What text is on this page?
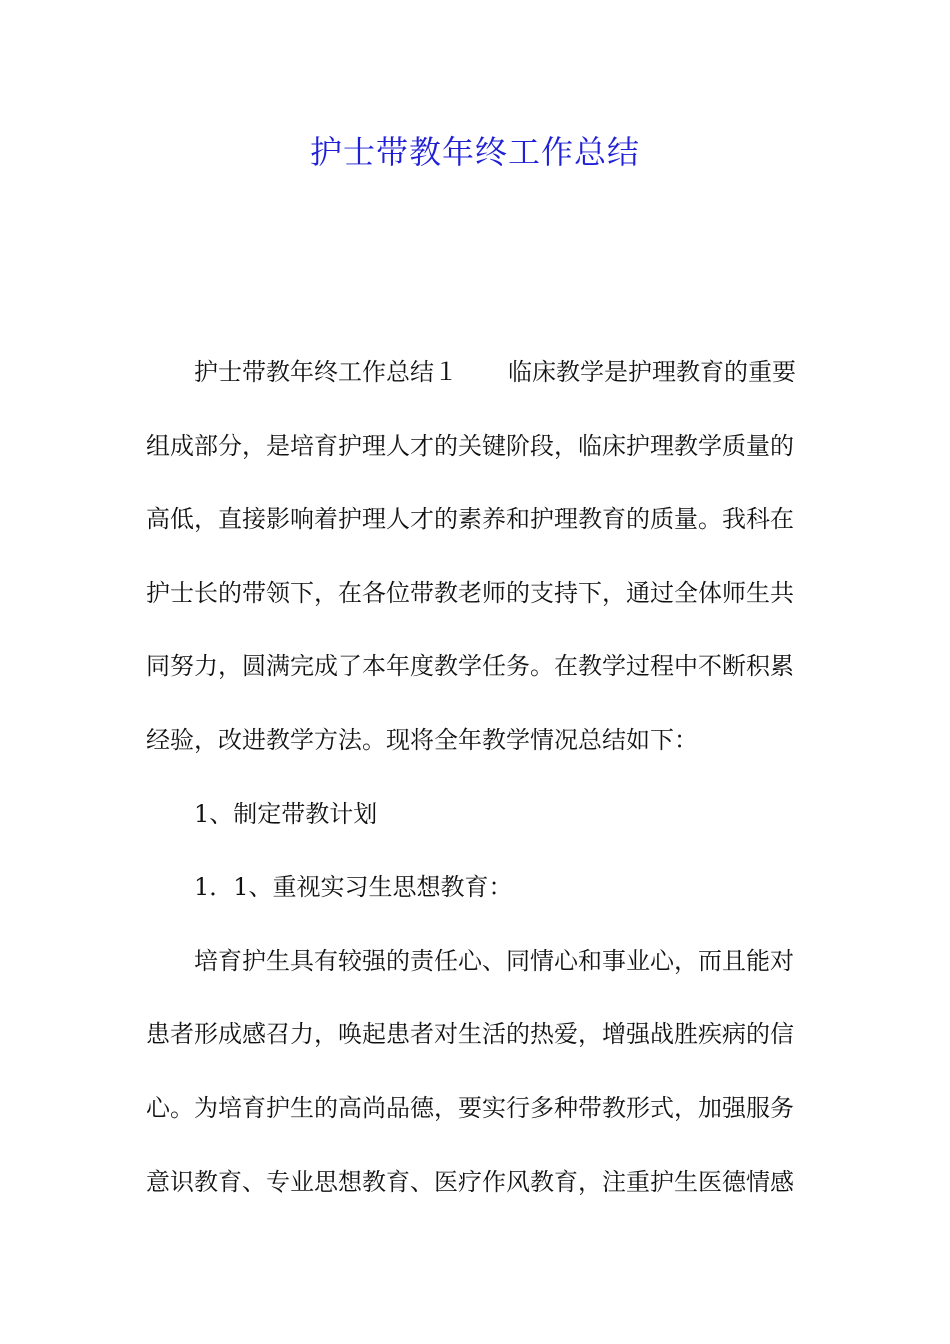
护士带教年终工作总结
护士带教年终工作总结１ 临床教学是护理教育的重要
组成部分，是培育护理人才的关键阶段，临床护理教学质量的
高低，直接影响着护理人才的素养和护理教育的质量。我科在
护士长的带领下，在各位带教老师的支持下，通过全体师生共
同努力，圆满完成了本年度教学任务。在教学过程中不断积累
经验，改进教学方法。现将全年教学情况总结如下：
1、制定带教计划
1．1、重视实习生思想教育：
培育护生具有较强的责任心、同情心和事业心，而且能对
患者形成感召力，唤起患者对生活的热爱，增强战胜疾病的信
心。为培育护生的高尚品德，要实行多种带教形式，加强服务
意识教育、专业思想教育、医疗作风教育，注重护生医德情感
